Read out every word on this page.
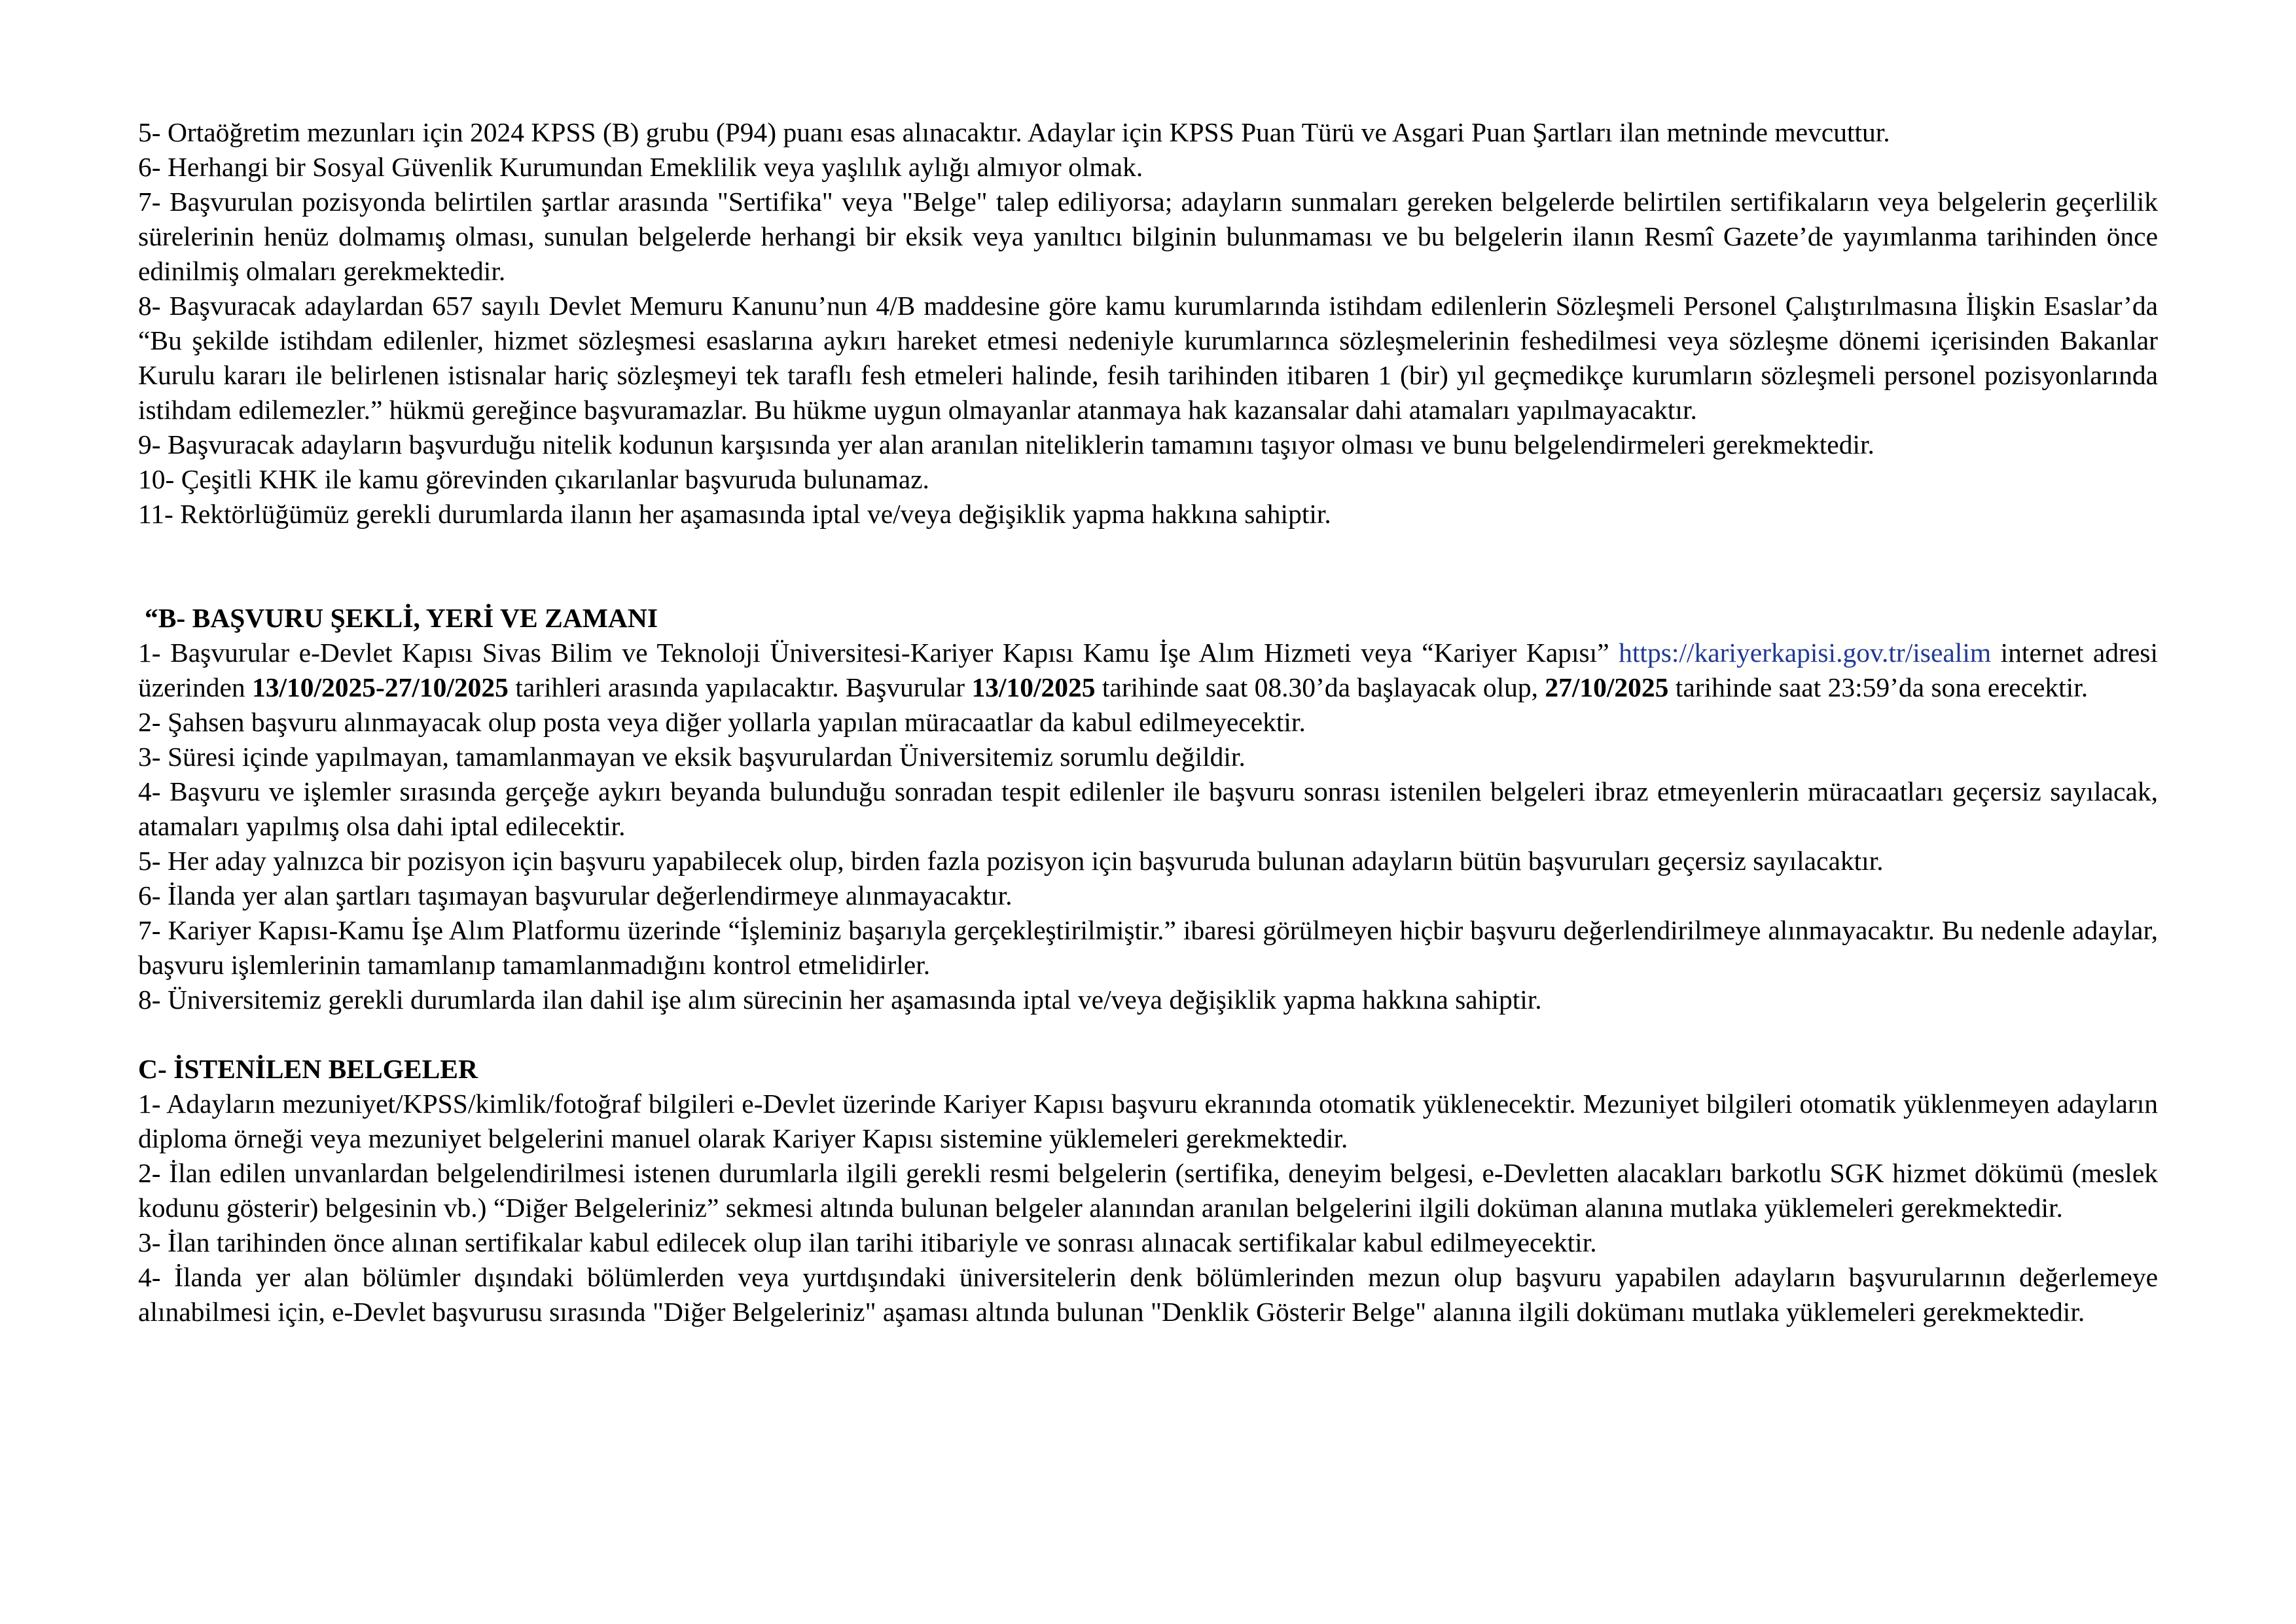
5- Ortaöğretim mezunları için 2024 KPSS (B) grubu (P94) puanı esas alınacaktır. Adaylar için KPSS Puan Türü ve Asgari Puan Şartları ilan metninde mevcuttur.

6- Herhangi bir Sosyal Güvenlik Kurumundan Emeklilik veya yaşlılık aylığı almıyor olmak.

7- Başvurulan pozisyonda belirtilen şartlar arasında "Sertifika" veya "Belge" talep ediliyorsa; adayların sunmaları gereken belgelerde belirtilen sertifikaların veya belgelerin geçerlilik sürelerinin henüz dolmamış olması, sunulan belgelerde herhangi bir eksik veya yanıltıcı bilginin bulunmaması ve bu belgelerin ilanın Resmî Gazete’de yayımlanma tarihinden önce edinilmiş olmaları gerekmektedir.

8- Başvuracak adaylardan 657 sayılı Devlet Memuru Kanunu’nun 4/B maddesine göre kamu kurumlarında istihdam edilenlerin Sözleşmeli Personel Çalıştırılmasına İlişkin Esaslar’da “Bu şekilde istihdam edilenler, hizmet sözleşmesi esaslarına aykırı hareket etmesi nedeniyle kurumlarınca sözleşmelerinin feshedilmesi veya sözleşme dönemi içerisinden Bakanlar Kurulu kararı ile belirlenen istisnalar hariç sözleşmeyi tek taraflı fesh etmeleri halinde, fesih tarihinden itibaren 1 (bir) yıl geçmedikçe kurumların sözleşmeli personel pozisyonlarında istihdam edilemezler.” hükmü gereğince başvuramazlar. Bu hükme uygun olmayanlar atanmaya hak kazansalar dahi atamaları yapılmayacaktır.

9- Başvuracak adayların başvurduğu nitelik kodunun karşısında yer alan aranılan niteliklerin tamamını taşıyor olması ve bunu belgelendirmeleri gerekmektedir.

10- Çeşitli KHK ile kamu görevinden çıkarılanlar başvuruda bulunamaz.

11- Rektörlüğümüz gerekli durumlarda ilanın her aşamasında iptal ve/veya değişiklik yapma hakkına sahiptir.

“B- BAŞVURU ŞEKLİ, YERİ VE ZAMANI

1- Başvurular e-Devlet Kapısı Sivas Bilim ve Teknoloji Üniversitesi-Kariyer Kapısı Kamu İşe Alım Hizmeti veya “Kariyer Kapısı” https://kariyerkapisi.gov.tr/isealim internet adresi üzerinden 13/10/2025-27/10/2025 tarihleri arasında yapılacaktır. Başvurular 13/10/2025 tarihinde saat 08.30’da başlayacak olup, 27/10/2025 tarihinde saat 23:59’da sona erecektir.

2- Şahsen başvuru alınmayacak olup posta veya diğer yollarla yapılan müracaatlar da kabul edilmeyecektir.

3- Süresi içinde yapılmayan, tamamlanmayan ve eksik başvurulardan Üniversitemiz sorumlu değildir.

4- Başvuru ve işlemler sırasında gerçeğe aykırı beyanda bulunduğu sonradan tespit edilenler ile başvuru sonrası istenilen belgeleri ibraz etmeyenlerin müracaatları geçersiz sayılacak, atamaları yapılmış olsa dahi iptal edilecektir.

5- Her aday yalnızca bir pozisyon için başvuru yapabilecek olup, birden fazla pozisyon için başvuruda bulunan adayların bütün başvuruları geçersiz sayılacaktır.

6- İlanda yer alan şartları taşımayan başvurular değerlendirmeye alınmayacaktır.

7- Kariyer Kapısı-Kamu İşe Alım Platformu üzerinde “İşleminiz başarıyla gerçekleştirilmiştir.” ibaresi görülmeyen hiçbir başvuru değerlendirilmeye alınmayacaktır. Bu nedenle adaylar, başvuru işlemlerinin tamamlanıp tamamlanmadığını kontrol etmelidirler.

8- Üniversitemiz gerekli durumlarda ilan dahil işe alım sürecinin her aşamasında iptal ve/veya değişiklik yapma hakkına sahiptir.

C- İSTENİLEN BELGELER

1- Adayların mezuniyet/KPSS/kimlik/fotoğraf bilgileri e-Devlet üzerinde Kariyer Kapısı başvuru ekranında otomatik yüklenecektir. Mezuniyet bilgileri otomatik yüklenmeyen adayların diploma örneği veya mezuniyet belgelerini manuel olarak Kariyer Kapısı sistemine yüklemeleri gerekmektedir.

2- İlan edilen unvanlardan belgelendirilmesi istenen durumlarla ilgili gerekli resmi belgelerin (sertifika, deneyim belgesi, e-Devletten alacakları barkotlu SGK hizmet dökümü (meslek kodunu gösterir) belgesinin vb.) “Diğer Belgeleriniz” sekmesi altında bulunan belgeler alanından aranılan belgelerini ilgili doküman alanına mutlaka yüklemeleri gerekmektedir.

3- İlan tarihinden önce alınan sertifikalar kabul edilecek olup ilan tarihi itibariyle ve sonrası alınacak sertifikalar kabul edilmeyecektir.

4- İlanda yer alan bölümler dışındaki bölümlerden veya yurtdışındaki üniversitelerin denk bölümlerinden mezun olup başvuru yapabilen adayların başvurularının değerlemeye alınabilmesi için, e-Devlet başvurusu sırasında "Diğer Belgeleriniz" aşaması altında bulunan "Denklik Gösterir Belge" alanına ilgili dokümanı mutlaka yüklemeleri gerekmektedir.
